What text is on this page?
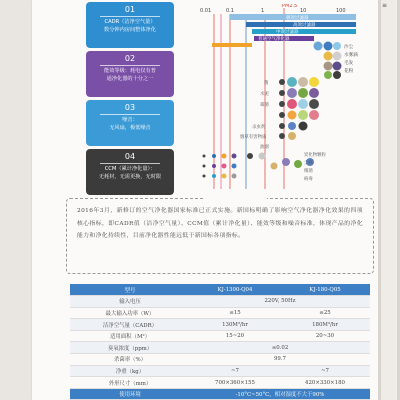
≡
01
CADR（洁净空气量）
数分钟内房间整体净化
02
能效等级：耗电仅有普
通净化器的十分之一
03
噪音：
无风扇，极低噪音
04
CCM（累计净化量）：
无耗材，无需更换，无时限
0.01	0.1	1	10	100
PM2.5
极效过滤器
高效过滤器
中效过滤器
普通空气净化器
沙尘
水雾滴
毛发
花粉
菌
水泥
霉菌
杀虫剂
烟草有害物质
油烟
炭化物颗粒
尘螨
细菌
病毒

2016年3月，新修订的空气净化器国家标准已正式实施。新国标明确了影响空气净化器净化效果的四项核心指标，即CADR值（洁净空气量）、CCM值（累计净化量）、能效等级和噪音标准，体现产品的净化能力和净化持续性，目前净化器性能远低于新国标各项指标。

型号	KJ-1300-Q04	KJ-180-Q05
输入电压	220V, 50Hz	
最大输入功率（W）	≤15	≤25
洁净空气量（CADR）	130M³/hr	180M³/hr
适用面积（M²）	15~20	20~30
臭氧浓度（ppm）	≤0.02	
杀菌率（%）	99.7	
净重（kg）	~7	~7
外形尺寸（mm）	700×360×155	420×330×180
使用环境	-10°C~50°C，相对湿度不大于90%	
